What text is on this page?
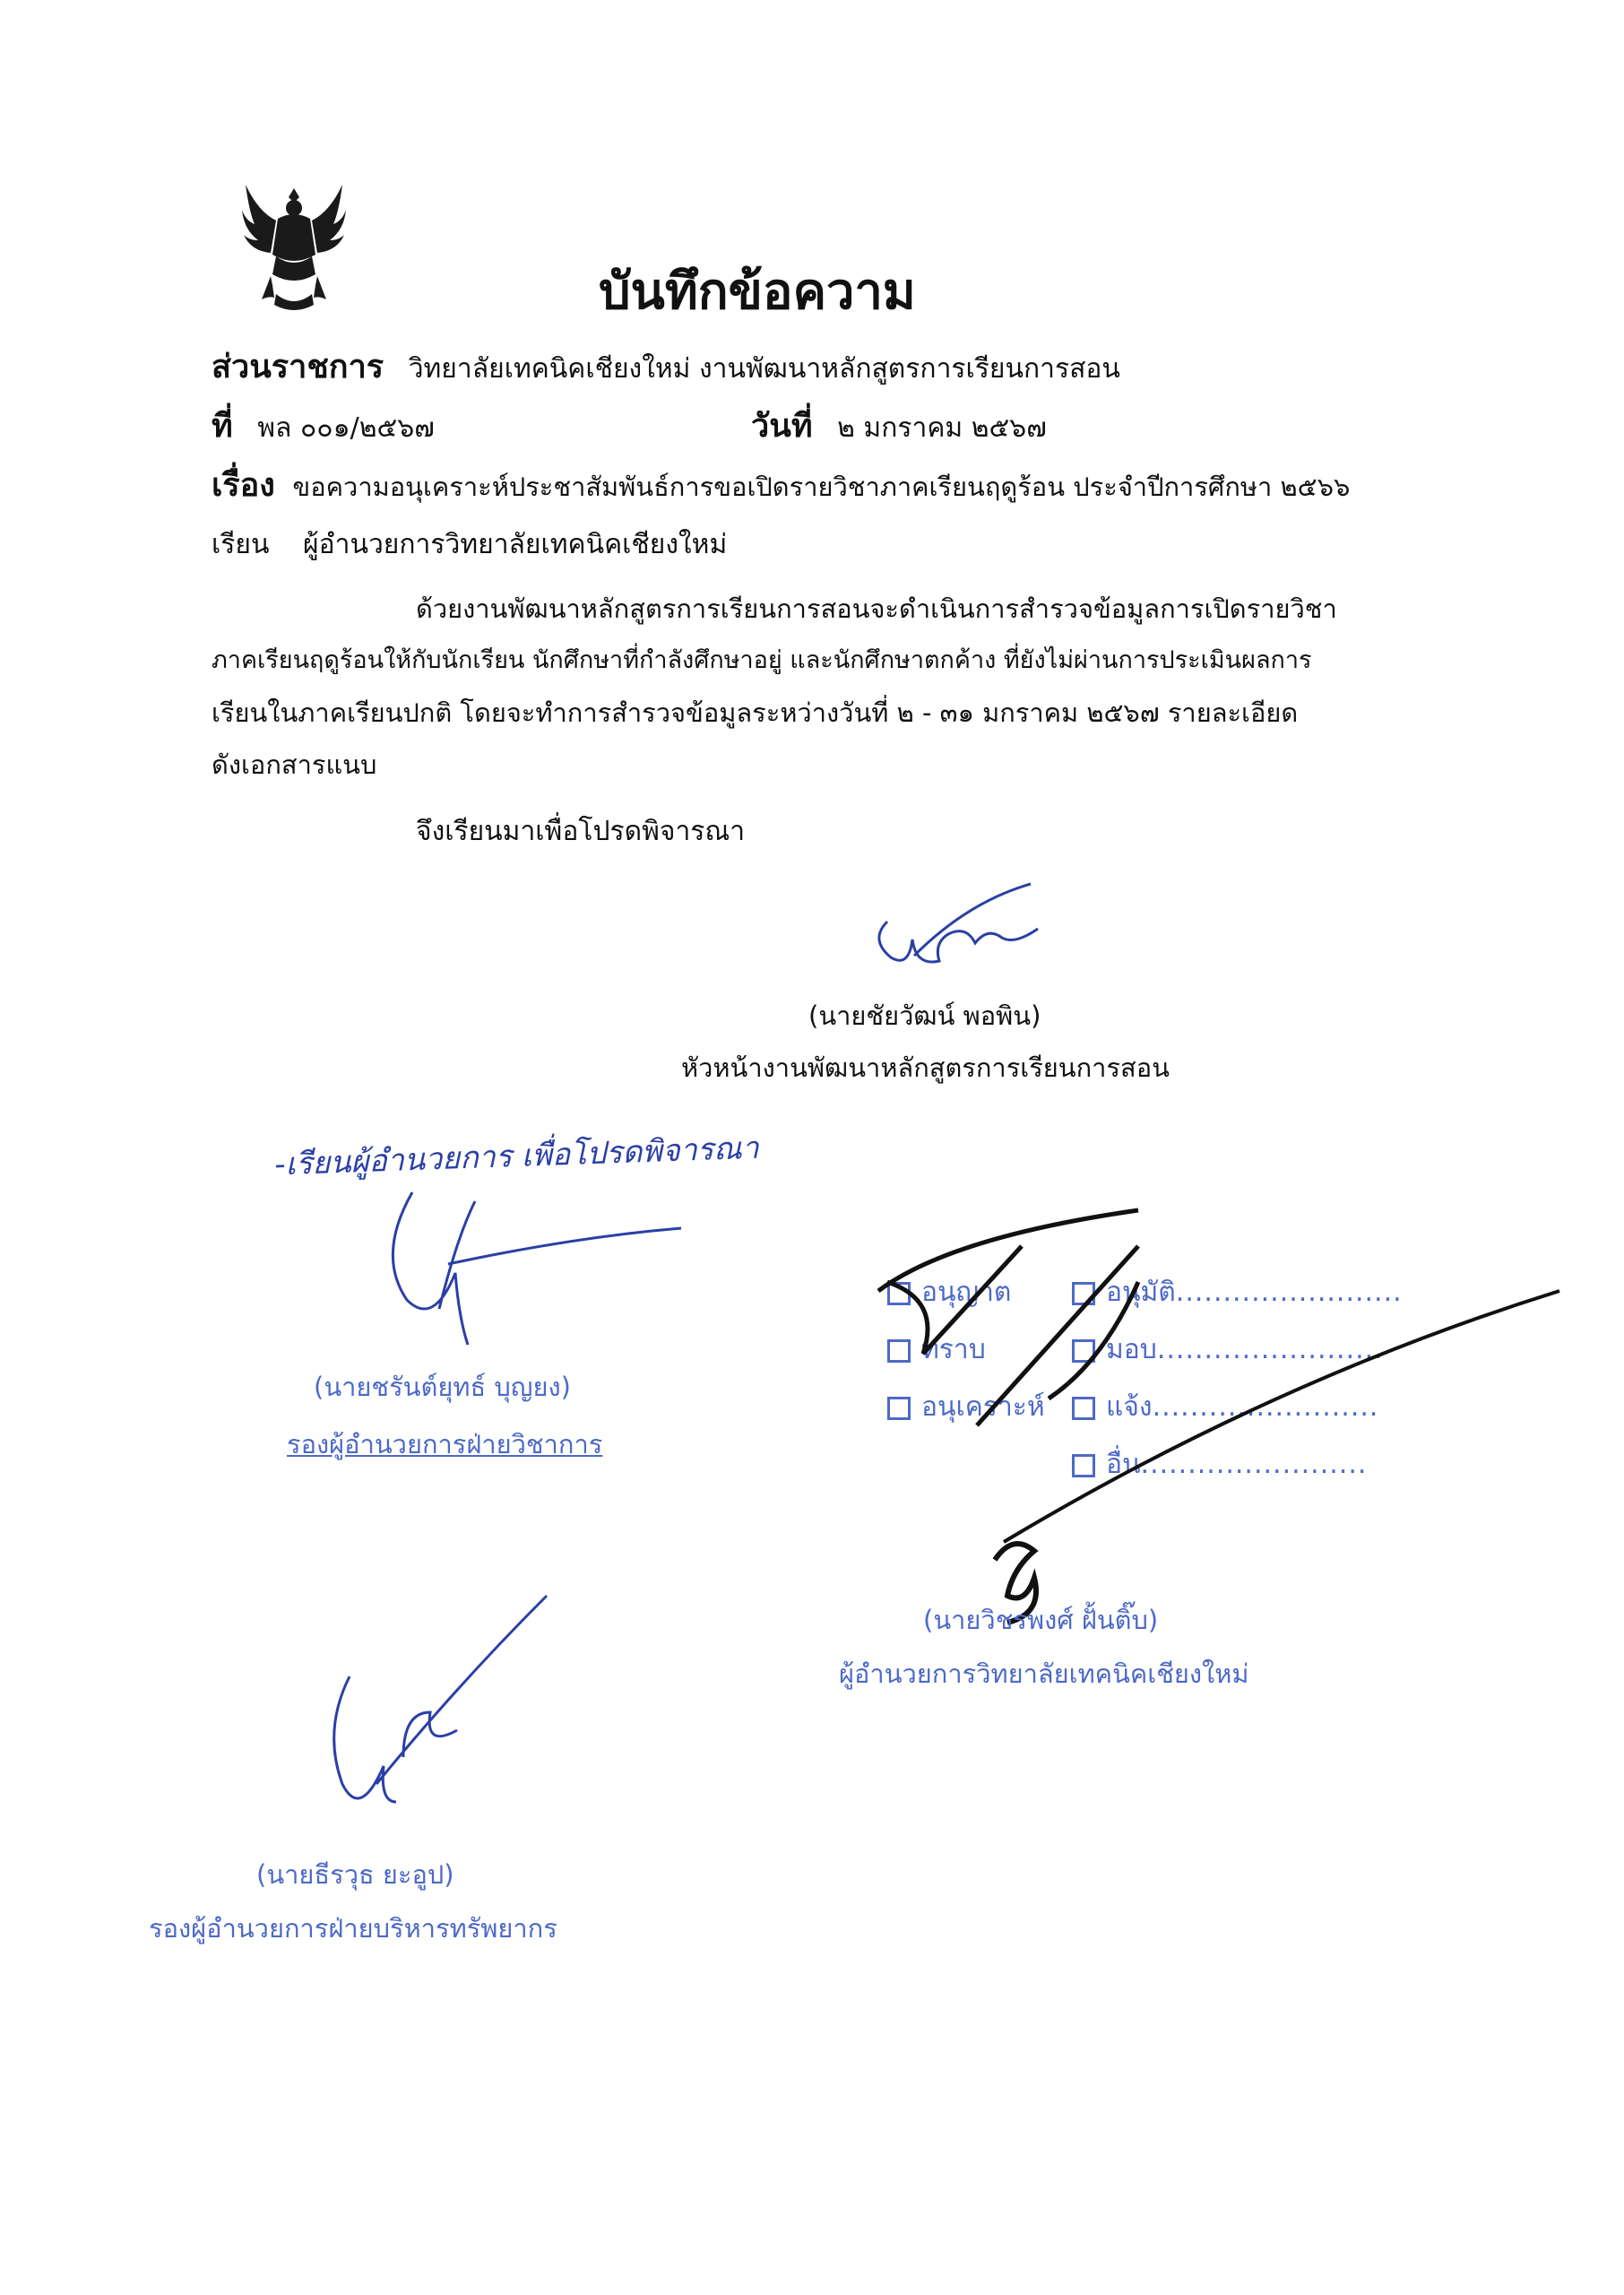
บันทึกข้อความ
ส่วนราชการ วิทยาลัยเทคนิคเชียงใหม่ งานพัฒนาหลักสูตรการเรียนการสอน
ที่ พล ๐๐๑/๒๕๖๗	วันที่ ๒ มกราคม ๒๕๖๗
เรื่อง ขอความอนุเคราะห์ประชาสัมพันธ์การขอเปิดรายวิชาภาคเรียนฤดูร้อน ประจำปีการศึกษา ๒๕๖๖
เรียน ผู้อำนวยการวิทยาลัยเทคนิคเชียงใหม่
ด้วยงานพัฒนาหลักสูตรการเรียนการสอนจะดำเนินการสำรวจข้อมูลการเปิดรายวิชา
ภาคเรียนฤดูร้อนให้กับนักเรียน นักศึกษาที่กำลังศึกษาอยู่ และนักศึกษาตกค้าง ที่ยังไม่ผ่านการประเมินผลการ
เรียนในภาคเรียนปกติ โดยจะทำการสำรวจข้อมูลระหว่างวันที่ ๒ - ๓๑ มกราคม ๒๕๖๗ รายละเอียด
ดังเอกสารแนบ
จึงเรียนมาเพื่อโปรดพิจารณา
(นายชัยวัฒน์ พอพิน)
หัวหน้างานพัฒนาหลักสูตรการเรียนการสอน
-เรียนผู้อำนวยการ เพื่อโปรดพิจารณา
(นายชรันต์ยุทธ์ บุญยง)
รองผู้อำนวยการฝ่ายวิชาการ
อนุญาต
ทราบ
อนุเคราะห์
อนุมัติ........................
มอบ........................
แจ้ง........................
อื่น........................
(นายวิชรพงศ์ ฝั้นติ๊บ)
ผู้อำนวยการวิทยาลัยเทคนิคเชียงใหม่
(นายธีรวุธ ยะอูป)
รองผู้อำนวยการฝ่ายบริหารทรัพยากร
